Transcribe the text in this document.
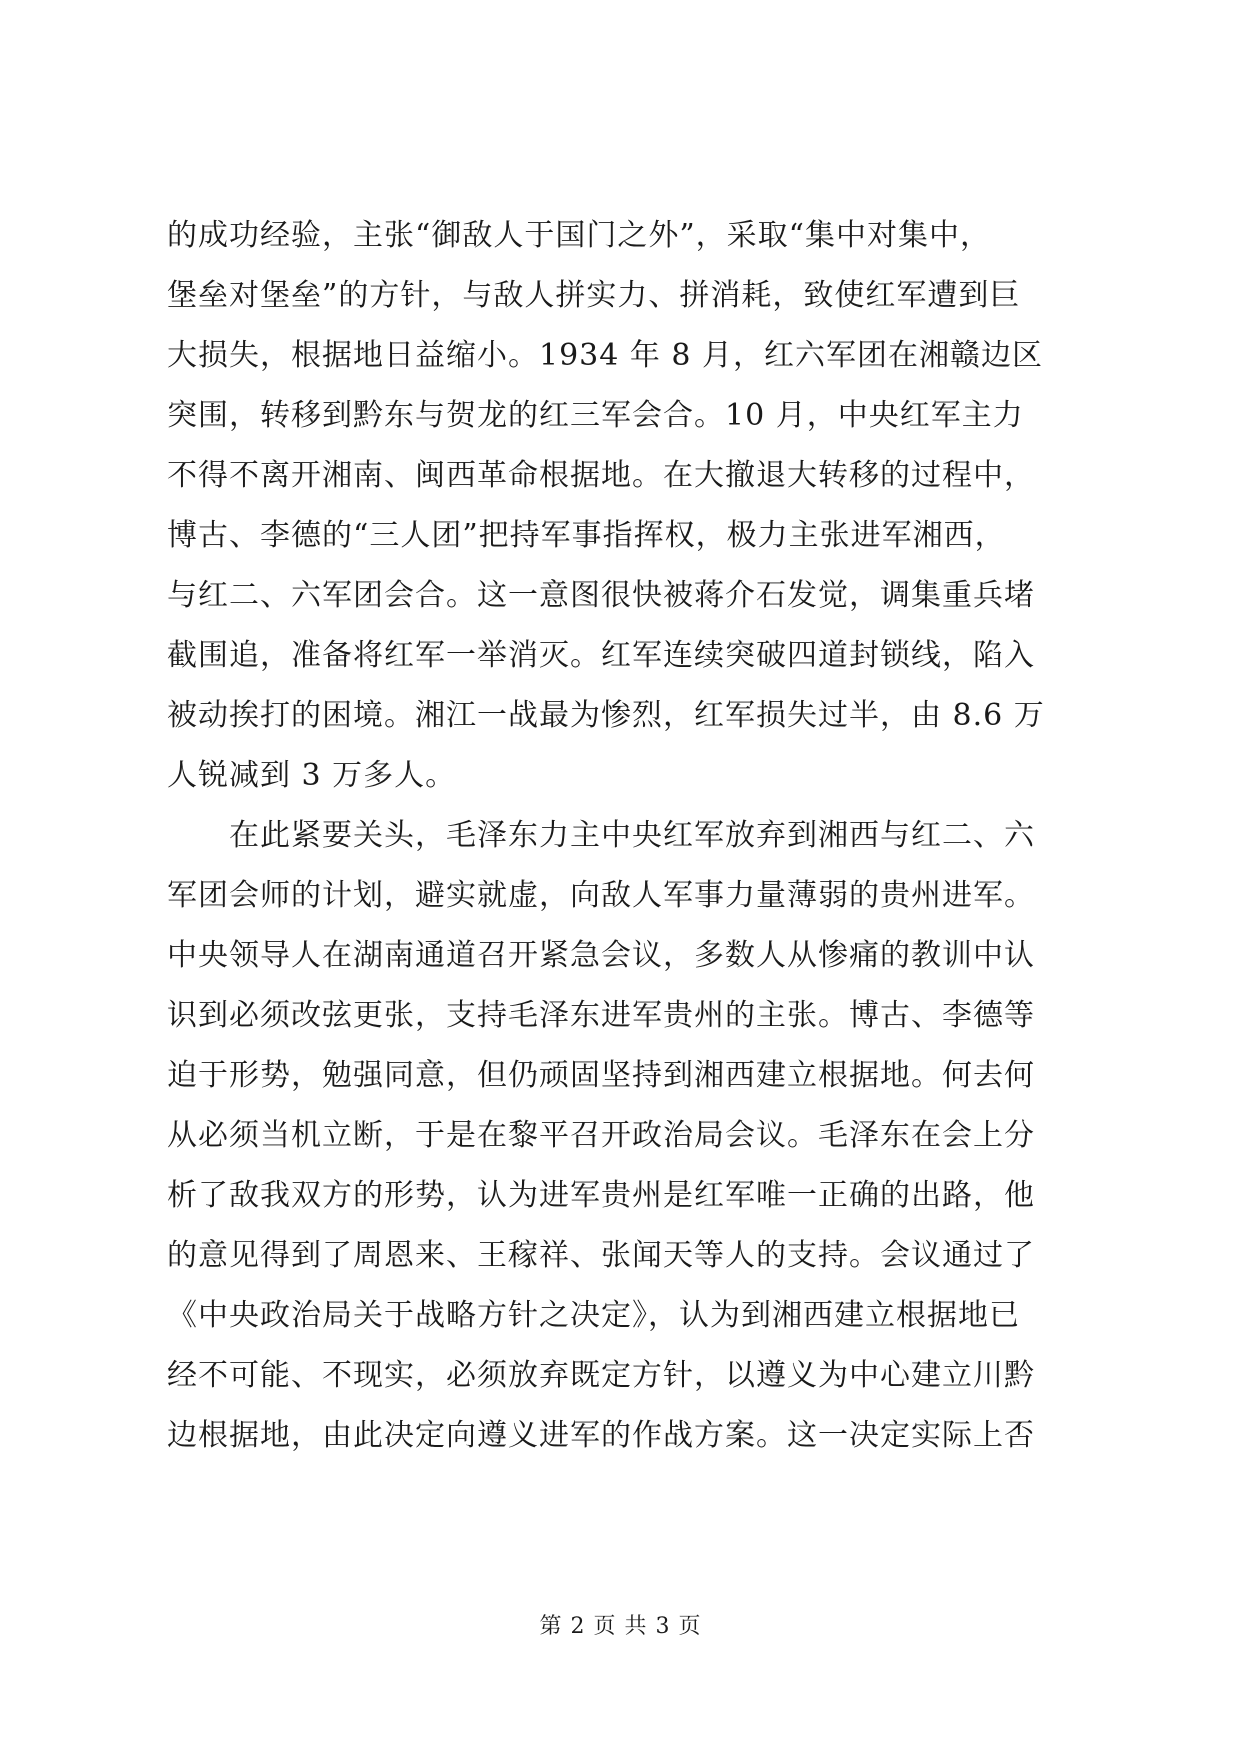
的成功经验，主张“御敌人于国门之外”，采取“集中对集中，
堡垒对堡垒”的方针，与敌人拼实力、拼消耗，致使红军遭到巨
大损失，根据地日益缩小。1934 年 8 月，红六军团在湘赣边区
突围，转移到黔东与贺龙的红三军会合。10 月，中央红军主力
不得不离开湘南、闽西革命根据地。在大撤退大转移的过程中，
博古、李德的“三人团”把持军事指挥权，极力主张进军湘西，
与红二、六军团会合。这一意图很快被蒋介石发觉，调集重兵堵
截围追，准备将红军一举消灭。红军连续突破四道封锁线，陷入
被动挨打的困境。湘江一战最为惨烈，红军损失过半，由 8.6 万
人锐减到 3 万多人。
在此紧要关头，毛泽东力主中央红军放弃到湘西与红二、六
军团会师的计划，避实就虚，向敌人军事力量薄弱的贵州进军。
中央领导人在湖南通道召开紧急会议，多数人从惨痛的教训中认
识到必须改弦更张，支持毛泽东进军贵州的主张。博古、李德等
迫于形势，勉强同意，但仍顽固坚持到湘西建立根据地。何去何
从必须当机立断，于是在黎平召开政治局会议。毛泽东在会上分
析了敌我双方的形势，认为进军贵州是红军唯一正确的出路，他
的意见得到了周恩来、王稼祥、张闻天等人的支持。会议通过了
《中央政治局关于战略方针之决定》，认为到湘西建立根据地已
经不可能、不现实，必须放弃既定方针，以遵义为中心建立川黔
边根据地，由此决定向遵义进军的作战方案。这一决定实际上否
第 2 页 共 3 页
